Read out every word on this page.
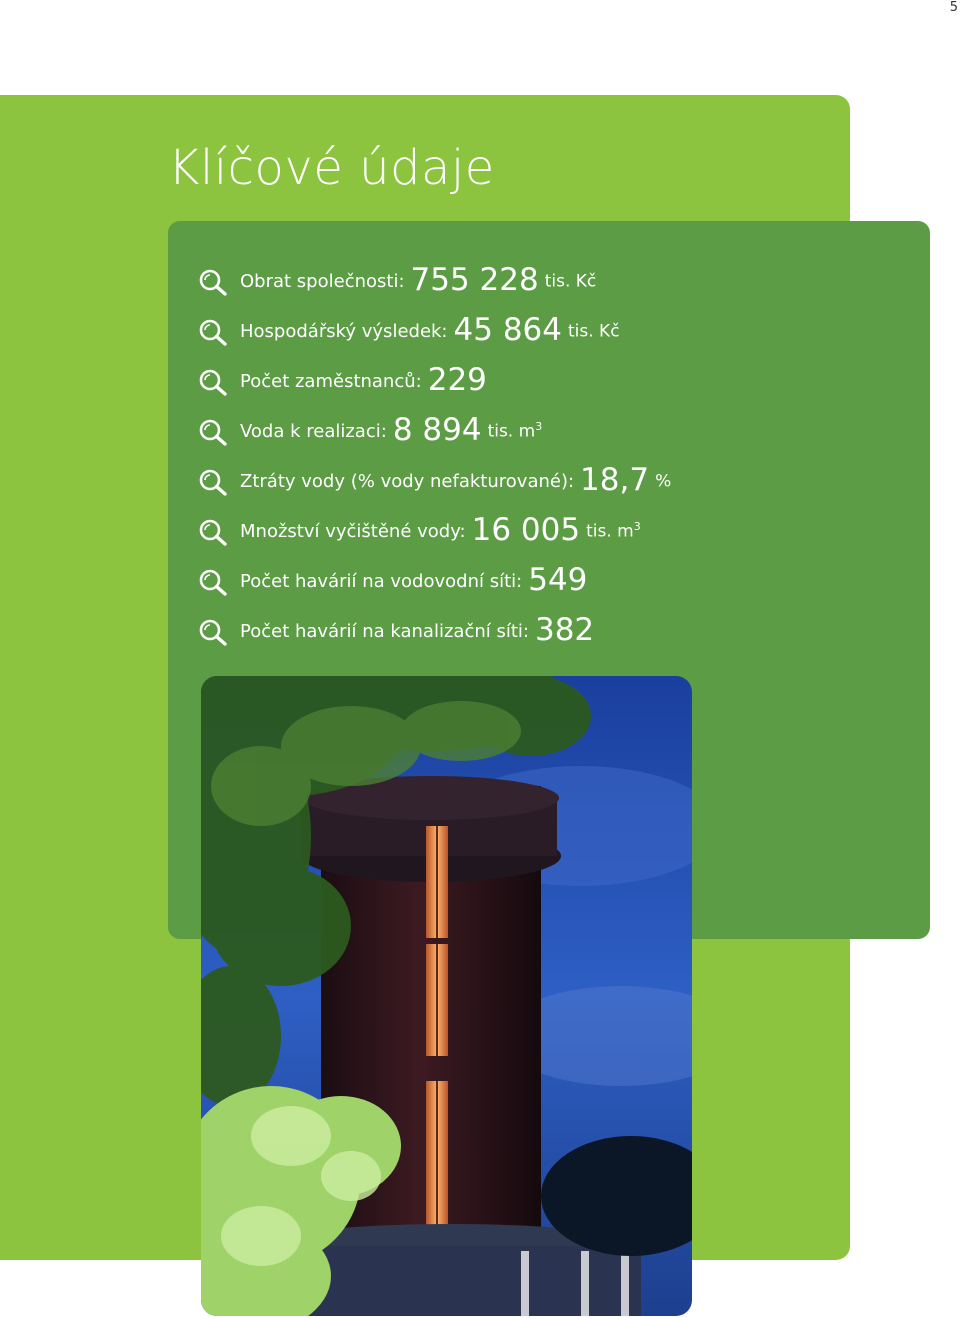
5
Klíčové údaje
Obrat společnosti: 755 228 tis. Kč
Hospodářský výsledek: 45 864 tis. Kč
Počet zaměstnanců: 229
Voda k realizaci: 8 894 tis. $m^3$
Ztráty vody (% vody nefakturované): 18,7 %
Množství vyčištěné vody: 16 005 tis. $m^3$
Počet havárií na vodovodní síti: 549
Počet havárií na kanalizační síti: 382
